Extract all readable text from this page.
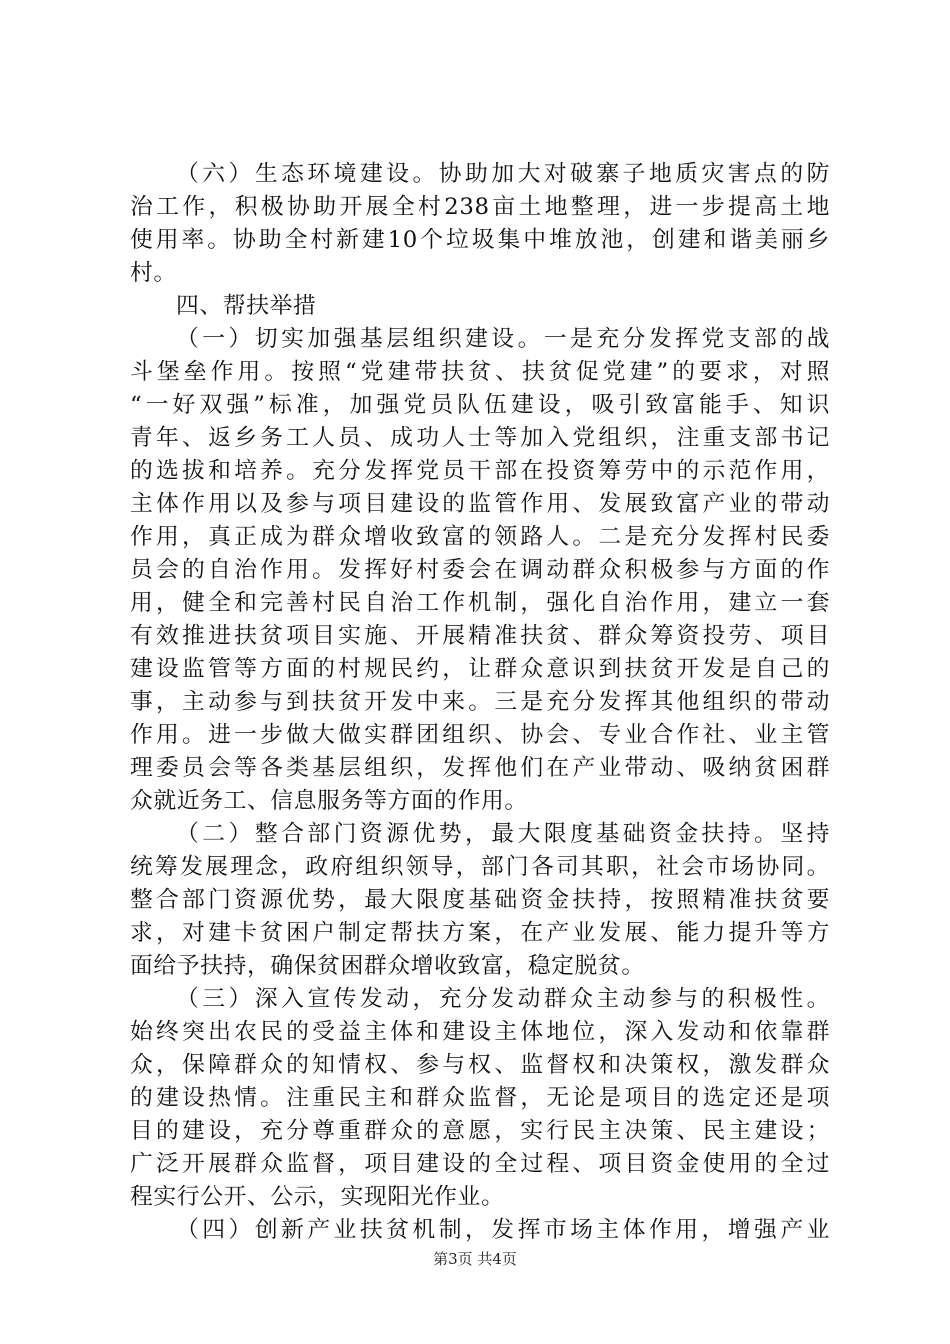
（六）生态环境建设。协助加大对破寨子地质灾害点的防
治工作，积极协助开展全村238亩土地整理，进一步提高土地
使用率。协助全村新建10个垃圾集中堆放池，创建和谐美丽乡
村。
四、帮扶举措
（一）切实加强基层组织建设。一是充分发挥党支部的战
斗堡垒作用。按照“党建带扶贫、扶贫促党建”的要求，对照
“一好双强”标准，加强党员队伍建设，吸引致富能手、知识
青年、返乡务工人员、成功人士等加入党组织，注重支部书记
的选拔和培养。充分发挥党员干部在投资筹劳中的示范作用，
主体作用以及参与项目建设的监管作用、发展致富产业的带动
作用，真正成为群众增收致富的领路人。二是充分发挥村民委
员会的自治作用。发挥好村委会在调动群众积极参与方面的作
用，健全和完善村民自治工作机制，强化自治作用，建立一套
有效推进扶贫项目实施、开展精准扶贫、群众筹资投劳、项目
建设监管等方面的村规民约，让群众意识到扶贫开发是自己的
事，主动参与到扶贫开发中来。三是充分发挥其他组织的带动
作用。进一步做大做实群团组织、协会、专业合作社、业主管
理委员会等各类基层组织，发挥他们在产业带动、吸纳贫困群
众就近务工、信息服务等方面的作用。
（二）整合部门资源优势，最大限度基础资金扶持。坚持
统筹发展理念，政府组织领导，部门各司其职，社会市场协同。
整合部门资源优势，最大限度基础资金扶持，按照精准扶贫要
求，对建卡贫困户制定帮扶方案，在产业发展、能力提升等方
面给予扶持，确保贫困群众增收致富，稳定脱贫。
（三）深入宣传发动，充分发动群众主动参与的积极性。
始终突出农民的受益主体和建设主体地位，深入发动和依靠群
众，保障群众的知情权、参与权、监督权和决策权，激发群众
的建设热情。注重民主和群众监督，无论是项目的选定还是项
目的建设，充分尊重群众的意愿，实行民主决策、民主建设；
广泛开展群众监督，项目建设的全过程、项目资金使用的全过
程实行公开、公示，实现阳光作业。
（四）创新产业扶贫机制，发挥市场主体作用，增强产业
第3页 共4页
